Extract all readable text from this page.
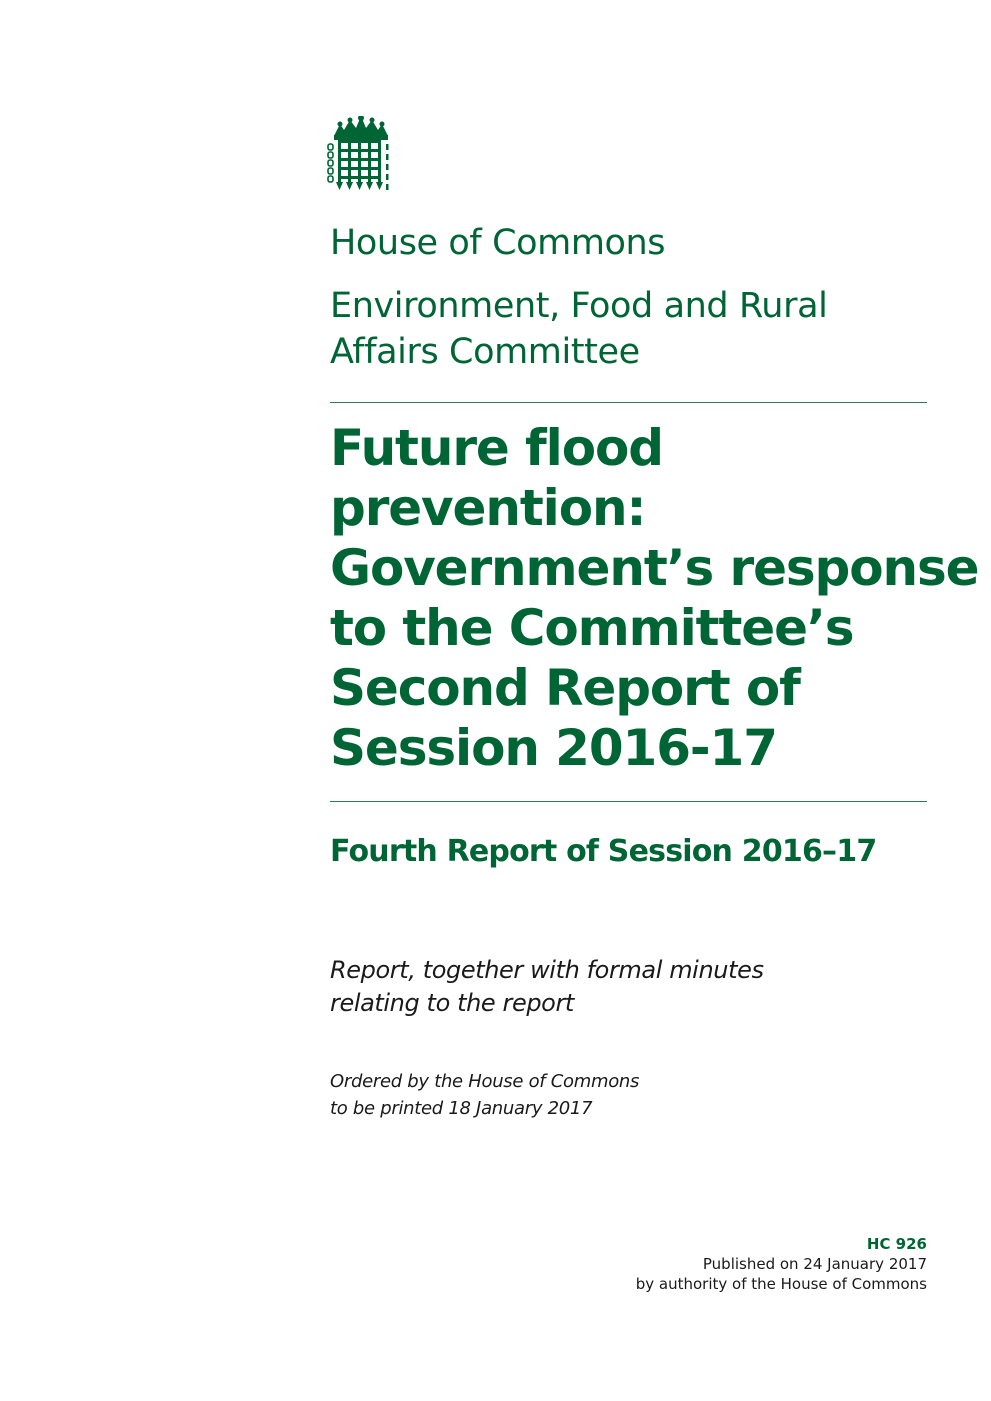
House of Commons
Environment, Food and Rural
Affairs Committee
Future flood
prevention:
Government’s response
to the Committee’s
Second Report of
Session 2016-17
Fourth Report of Session 2016–17
Report, together with formal minutes
relating to the report
Ordered by the House of Commons
to be printed 18 January 2017
HC 926
Published on 24 January 2017
by authority of the House of Commons
